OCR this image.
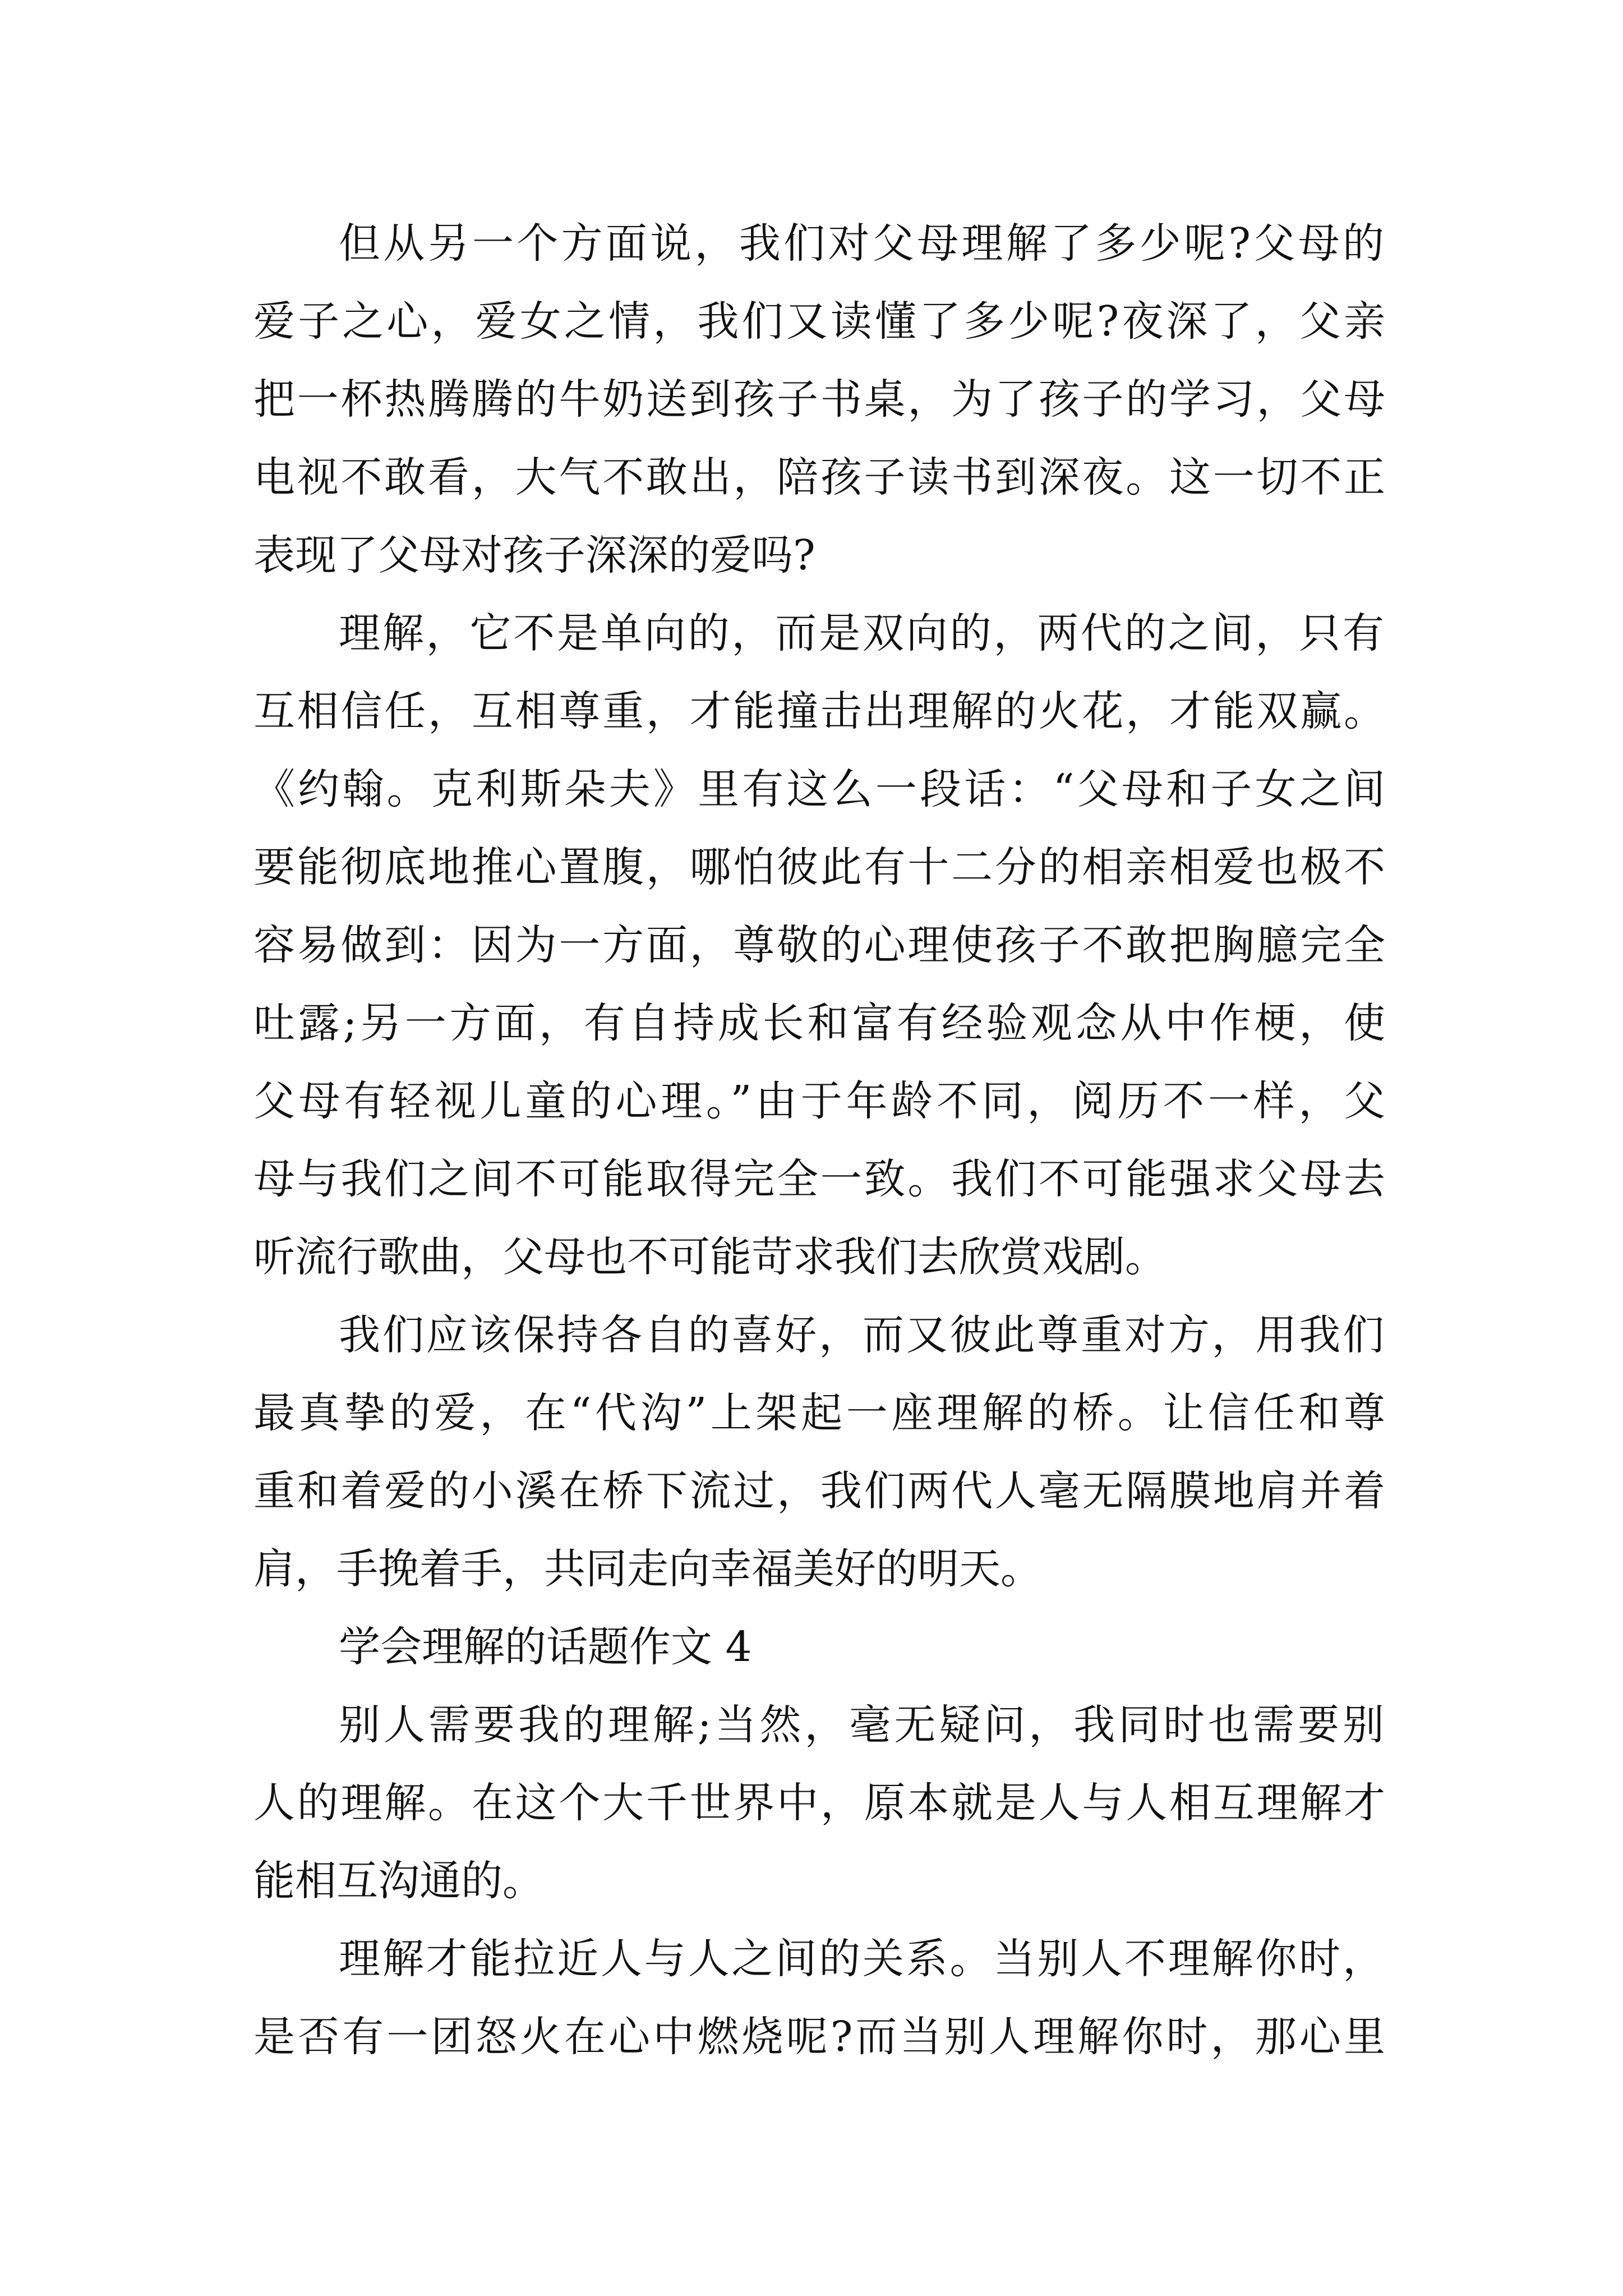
但从另一个方面说，我们对父母理解了多少呢?父母的
爱子之心，爱女之情，我们又读懂了多少呢?夜深了，父亲
把一杯热腾腾的牛奶送到孩子书桌，为了孩子的学习，父母
电视不敢看，大气不敢出，陪孩子读书到深夜。这一切不正
表现了父母对孩子深深的爱吗?
理解，它不是单向的，而是双向的，两代的之间，只有
互相信任，互相尊重，才能撞击出理解的火花，才能双赢。
《约翰。克利斯朵夫》里有这么一段话：“父母和子女之间
要能彻底地推心置腹，哪怕彼此有十二分的相亲相爱也极不
容易做到：因为一方面，尊敬的心理使孩子不敢把胸臆完全
吐露;另一方面，有自持成长和富有经验观念从中作梗，使
父母有轻视儿童的心理。”由于年龄不同，阅历不一样，父
母与我们之间不可能取得完全一致。我们不可能强求父母去
听流行歌曲，父母也不可能苛求我们去欣赏戏剧。
我们应该保持各自的喜好，而又彼此尊重对方，用我们
最真挚的爱，在“代沟”上架起一座理解的桥。让信任和尊
重和着爱的小溪在桥下流过，我们两代人毫无隔膜地肩并着
肩，手挽着手，共同走向幸福美好的明天。
学会理解的话题作文 4
别人需要我的理解;当然，毫无疑问，我同时也需要别
人的理解。在这个大千世界中，原本就是人与人相互理解才
能相互沟通的。
理解才能拉近人与人之间的关系。当别人不理解你时，
是否有一团怒火在心中燃烧呢?而当别人理解你时，那心里
